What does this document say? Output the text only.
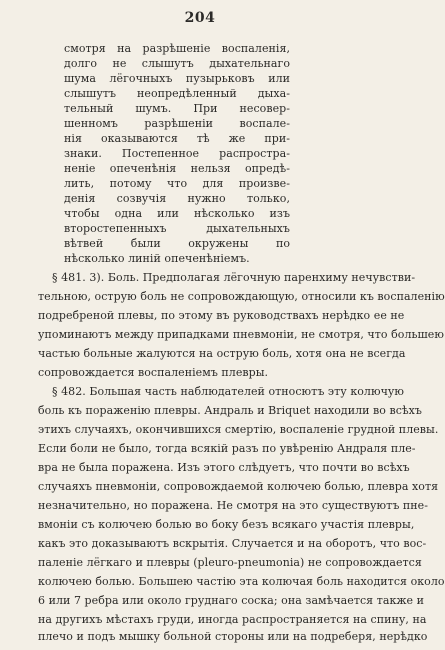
204
смотря на разрѣшеніе воспаленія,
долго не слышутъ дыхательнаго
шума лёгочныхъ пузырьковъ или
слышутъ неопредѣленный дыха-
тельный шумъ. При несовер-
шенномъ разрѣшеніи воспале-
нія оказываются тѣ же при-
знаки. Постепенное распростра-
неніе опеченѣнія нельзя опредѣ-
лить, потому что для произве-
денія созвучія нужно только,
чтобы одна или нѣсколько изъ
второстепенныхъ дыхательныхъ
вѣтвей были окружены по
нѣсколько линій опеченѣніемъ.
§ 481. 3). Боль. Предполагая лёгочную паренхиму нечувстви-
тельною, острую боль не сопровождающую, относили къ воспаленію
подребреной плевы, по этому въ руководствахъ нерѣдко ее не
упоминаютъ между припадками пневмоніи, не смотря, что большею
частью больные жалуются на острую боль, хотя она не всегда
сопровождается воспаленіемъ плевры.
§ 482. Большая часть наблюдателей относютъ эту колючую
боль къ пораженію плевры. Андраль и Briquet находили во всѣхъ
этихъ случаяхъ, окончившихся смертію, воспаленіе грудной плевы.
Если боли не было, тогда всякій разъ по увѣренію Андраля пле-
вра не была поражена. Изъ этого слѣдуетъ, что почти во всѣхъ
случаяхъ пневмоніи, сопровождаемой колючею болью, плевра хотя
незначительно, но поражена. Не смотря на это существуютъ пне-
вмоніи съ колючею болью во боку безъ всякаго участія плевры,
какъ это доказываютъ вскрытія. Случается и на оборотъ, что вос-
паленіе лёгкаго и плевры (pleuro-pneumonia) не сопровождается
колючею болью. Большею частію эта колючая боль находится около
6 или 7 ребра или около груднаго соска; она замѣчается также и
на другихъ мѣстахъ груди, иногда распространяется на спину, на
плечо и подъ мышку больной стороны или на подреберя, нерѣдко
